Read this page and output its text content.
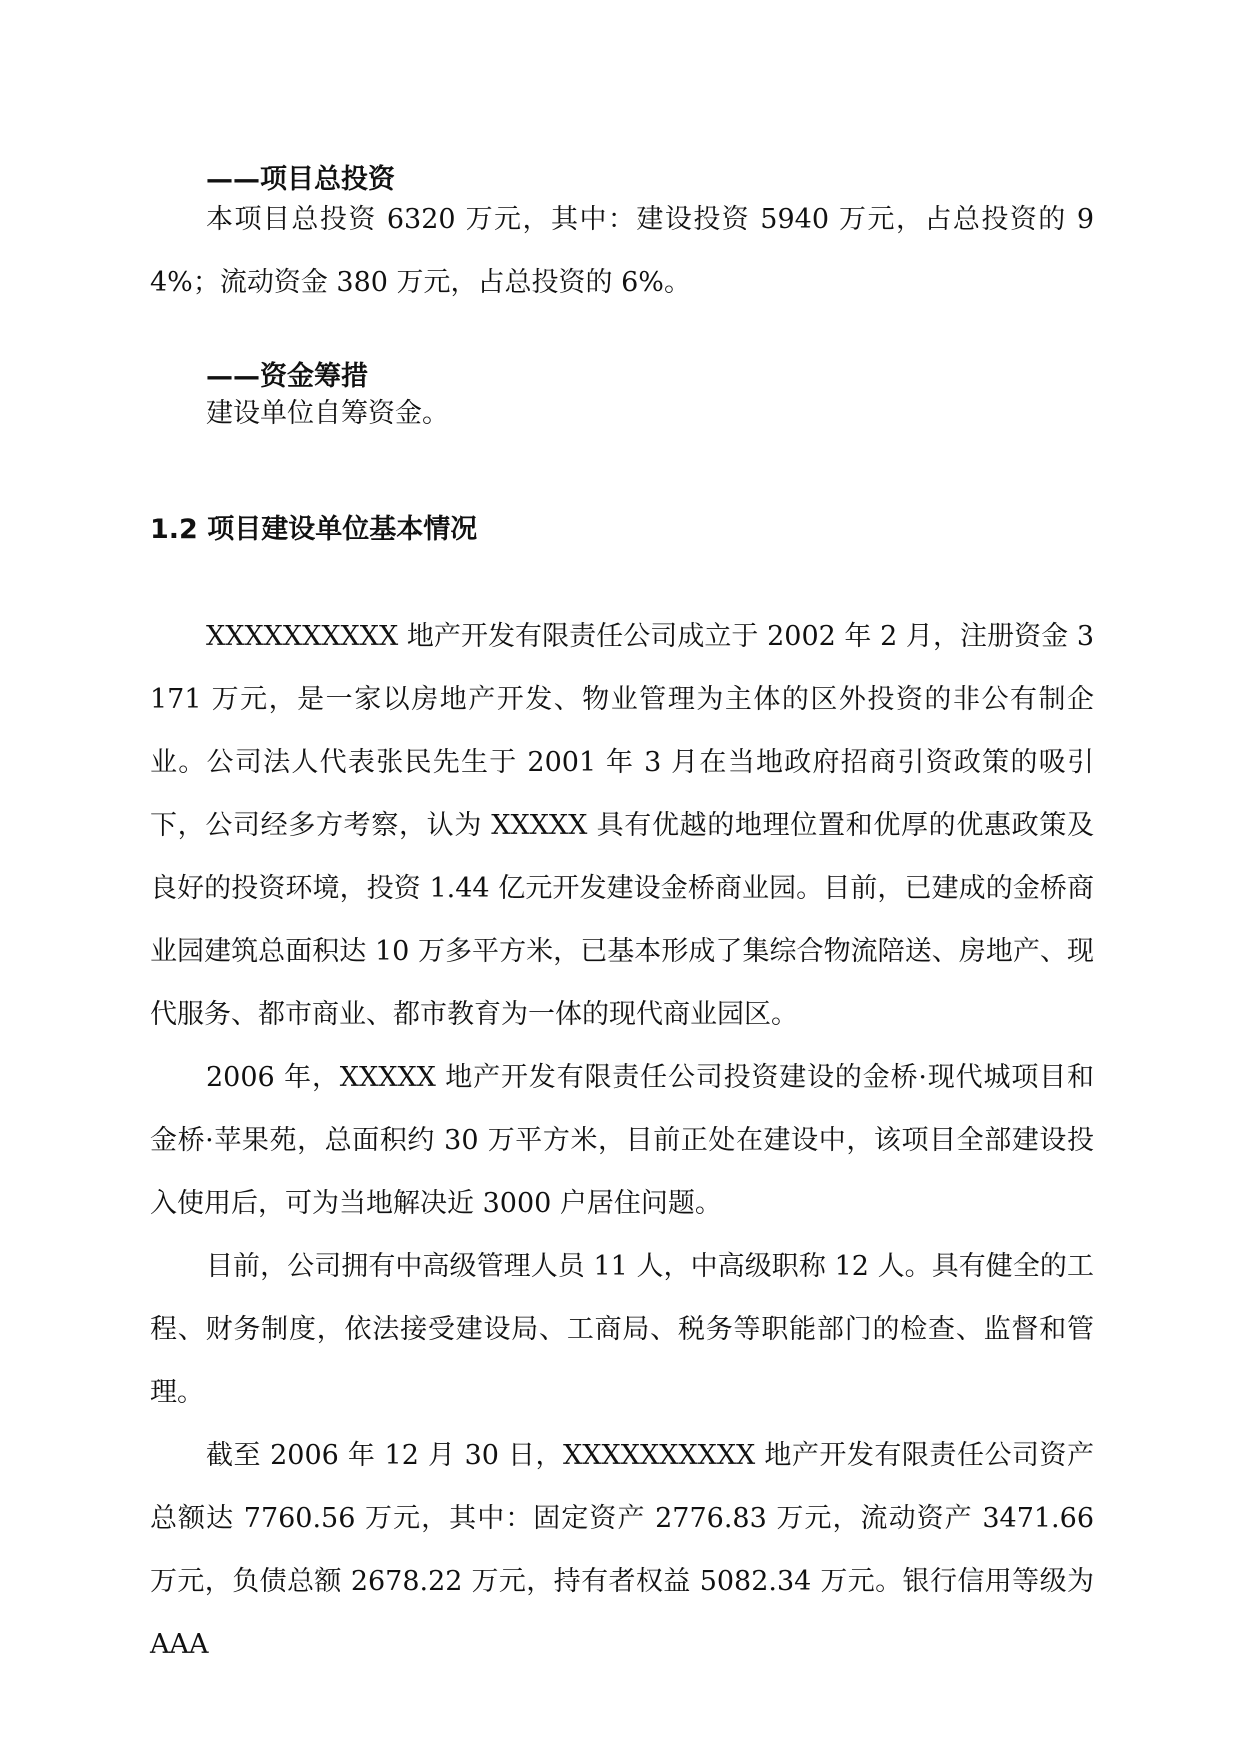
——项目总投资

本项目总投资 6320 万元，其中：建设投资 5940 万元，占总投资的 94%；流动资金 380 万元，占总投资的 6%。

——资金筹措

建设单位自筹资金。

1.2 项目建设单位基本情况

XXXXXXXXXX 地产开发有限责任公司成立于 2002 年 2 月，注册资金 3171 万元，是一家以房地产开发、物业管理为主体的区外投资的非公有制企业。公司法人代表张民先生于 2001 年 3 月在当地政府招商引资政策的吸引下，公司经多方考察，认为 XXXXX 具有优越的地理位置和优厚的优惠政策及良好的投资环境，投资 1.44 亿元开发建设金桥商业园。目前，已建成的金桥商业园建筑总面积达 10 万多平方米，已基本形成了集综合物流陪送、房地产、现代服务、都市商业、都市教育为一体的现代商业园区。

2006 年，XXXXX 地产开发有限责任公司投资建设的金桥·现代城项目和金桥·苹果苑，总面积约 30 万平方米，目前正处在建设中，该项目全部建设投入使用后，可为当地解决近 3000 户居住问题。

目前，公司拥有中高级管理人员 11 人，中高级职称 12 人。具有健全的工程、财务制度，依法接受建设局、工商局、税务等职能部门的检查、监督和管理。

截至 2006 年 12 月 30 日，XXXXXXXXXX 地产开发有限责任公司资产总额达 7760.56 万元，其中：固定资产 2776.83 万元，流动资产 3471.66 万元，负债总额 2678.22 万元，持有者权益 5082.34 万元。银行信用等级为 AAA
